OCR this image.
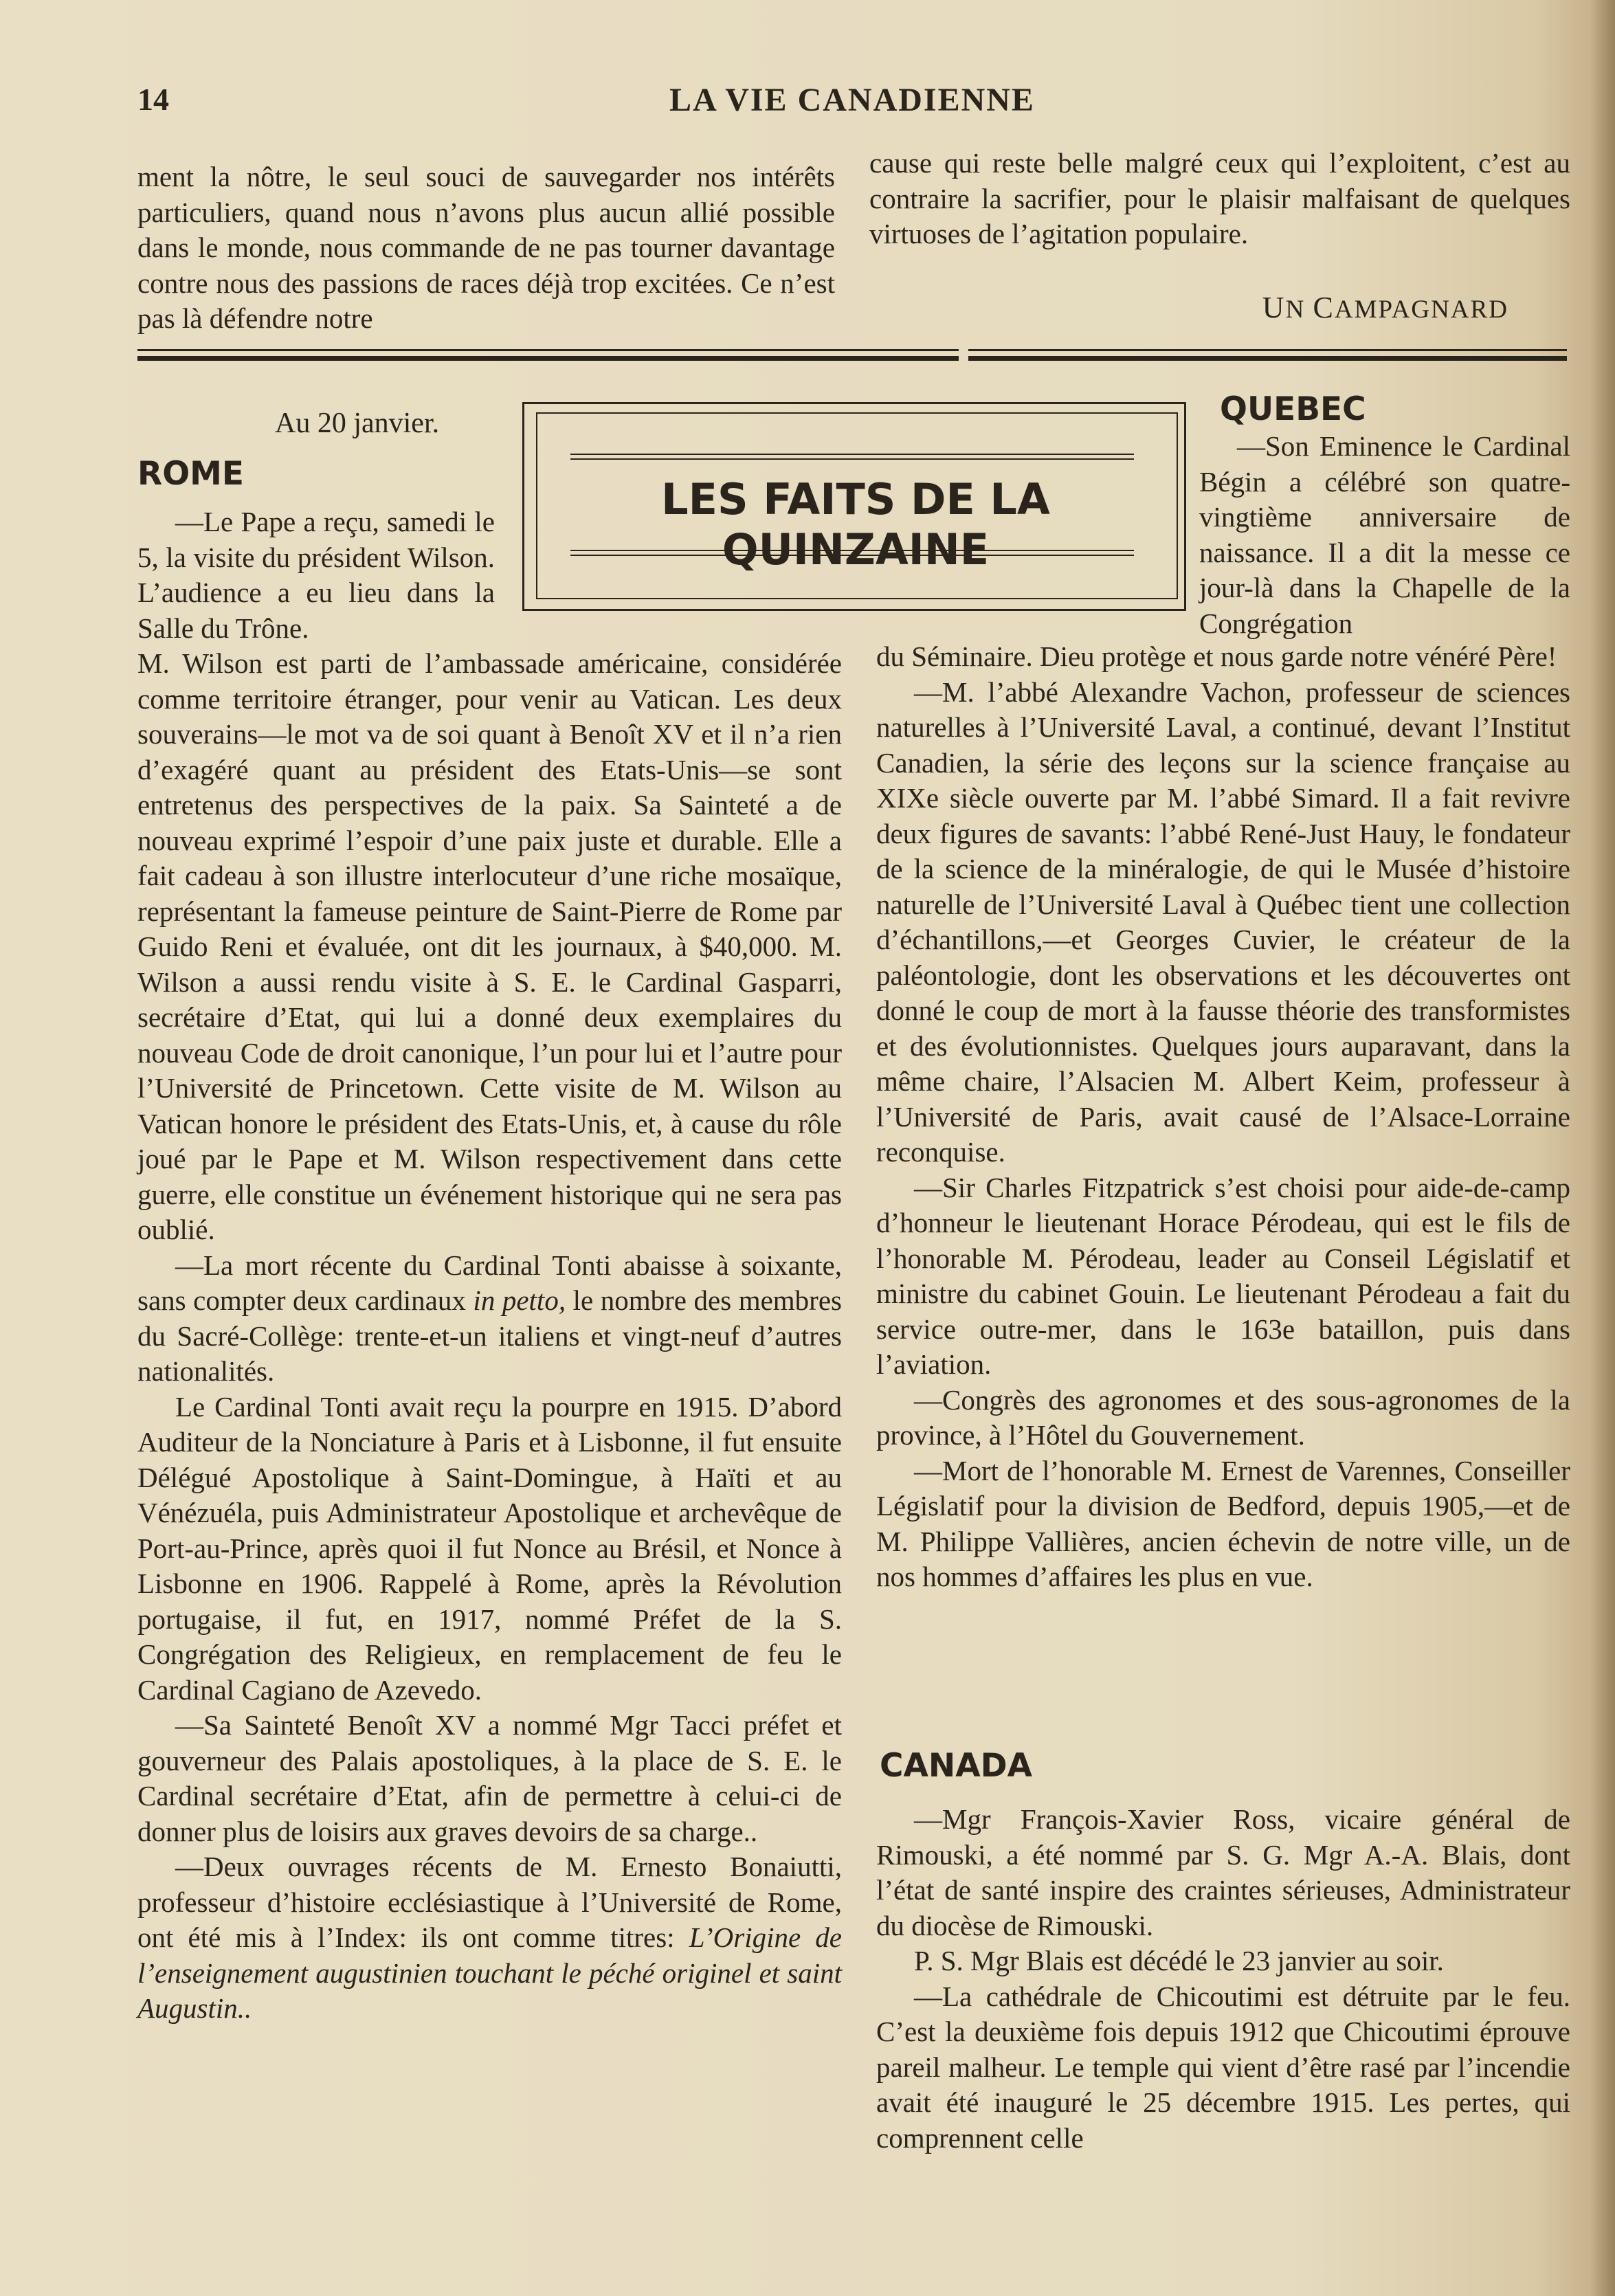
14	LA VIE CANADIENNE

ment la nôtre, le seul souci de sauvegarder nos intérêts particuliers, quand nous n’avons plus aucun allié possible dans le monde, nous commande de ne pas tourner davantage contre nous des passions de races déjà trop excitées. Ce n’est pas là défendre notre

cause qui reste belle malgré ceux qui l’exploitent, c’est au contraire la sacrifier, pour le plaisir malfaisant de quelques virtuoses de l’agitation populaire.

UN CAMPAGNARD
Au 20 janvier.
LES FAITS DE LA QUINZAINE
ROME

—Le Pape a reçu, samedi le 5, la visite du président Wilson. L’audience a eu lieu dans la Salle du Trône.

M. Wilson est parti de l’ambassade américaine, considérée comme territoire étranger, pour venir au Vatican. Les deux souverains—le mot va de soi quant à Benoît XV et il n’a rien d’exagéré quant au président des Etats-Unis—se sont entretenus des perspectives de la paix. Sa Sainteté a de nouveau exprimé l’espoir d’une paix juste et durable. Elle a fait cadeau à son illustre interlocuteur d’une riche mosaïque, représentant la fameuse peinture de Saint-Pierre de Rome par Guido Reni et évaluée, ont dit les journaux, à $40,000. M. Wilson a aussi rendu visite à S. E. le Cardinal Gasparri, secrétaire d’Etat, qui lui a donné deux exemplaires du nouveau Code de droit canonique, l’un pour lui et l’autre pour l’Université de Princetown. Cette visite de M. Wilson au Vatican honore le président des Etats-Unis, et, à cause du rôle joué par le Pape et M. Wilson respectivement dans cette guerre, elle constitue un événement historique qui ne sera pas oublié.

—La mort récente du Cardinal Tonti abaisse à soixante, sans compter deux cardinaux in petto, le nombre des membres du Sacré-Collège: trente-et-un italiens et vingt-neuf d’autres nationalités.

Le Cardinal Tonti avait reçu la pourpre en 1915. D’abord Auditeur de la Nonciature à Paris et à Lisbonne, il fut ensuite Délégué Apostolique à Saint-Domingue, à Haïti et au Vénézuéla, puis Administrateur Apostolique et archevêque de Port-au-Prince, après quoi il fut Nonce au Brésil, et Nonce à Lisbonne en 1906. Rappelé à Rome, après la Révolution portugaise, il fut, en 1917, nommé Préfet de la S. Congrégation des Religieux, en remplacement de feu le Cardinal Cagiano de Azevedo.

—Sa Sainteté Benoît XV a nommé Mgr Tacci préfet et gouverneur des Palais apostoliques, à la place de S. E. le Cardinal secrétaire d’Etat, afin de permettre à celui-ci de donner plus de loisirs aux graves devoirs de sa charge..

—Deux ouvrages récents de M. Ernesto Bonaiutti, professeur d’histoire ecclésiastique à l’Université de Rome, ont été mis à l’Index: ils ont comme titres: L’Origine de l’enseignement augustinien touchant le péché originel et saint Augustin..

QUEBEC

—Son Eminence le Cardinal Bégin a célébré son quatre-vingtième anniversaire de naissance. Il a dit la messe ce jour-là dans la Chapelle de la Congrégation

du Séminaire. Dieu protège et nous garde notre vénéré Père!

—M. l’abbé Alexandre Vachon, professeur de sciences naturelles à l’Université Laval, a continué, devant l’Institut Canadien, la série des leçons sur la science française au XIXe siècle ouverte par M. l’abbé Simard. Il a fait revivre deux figures de savants: l’abbé René-Just Hauy, le fondateur de la science de la minéralogie, de qui le Musée d’histoire naturelle de l’Université Laval à Québec tient une collection d’échantillons,—et Georges Cuvier, le créateur de la paléontologie, dont les observations et les découvertes ont donné le coup de mort à la fausse théorie des transformistes et des évolutionnistes. Quelques jours auparavant, dans la même chaire, l’Alsacien M. Albert Keim, professeur à l’Université de Paris, avait causé de l’Alsace-Lorraine reconquise.

—Sir Charles Fitzpatrick s’est choisi pour aide-de-camp d’honneur le lieutenant Horace Pérodeau, qui est le fils de l’honorable M. Pérodeau, leader au Conseil Législatif et ministre du cabinet Gouin. Le lieutenant Pérodeau a fait du service outre-mer, dans le 163e bataillon, puis dans l’aviation.

—Congrès des agronomes et des sous-agronomes de la province, à l’Hôtel du Gouvernement.

—Mort de l’honorable M. Ernest de Varennes, Conseiller Législatif pour la division de Bedford, depuis 1905,—et de M. Philippe Vallières, ancien échevin de notre ville, un de nos hommes d’affaires les plus en vue.

CANADA

—Mgr François-Xavier Ross, vicaire général de Rimouski, a été nommé par S. G. Mgr A.-A. Blais, dont l’état de santé inspire des craintes sérieuses, Administrateur du diocèse de Rimouski.

P. S. Mgr Blais est décédé le 23 janvier au soir.

—La cathédrale de Chicoutimi est détruite par le feu. C’est la deuxième fois depuis 1912 que Chicoutimi éprouve pareil malheur. Le temple qui vient d’être rasé par l’incendie avait été inauguré le 25 décembre 1915. Les pertes, qui comprennent celle
